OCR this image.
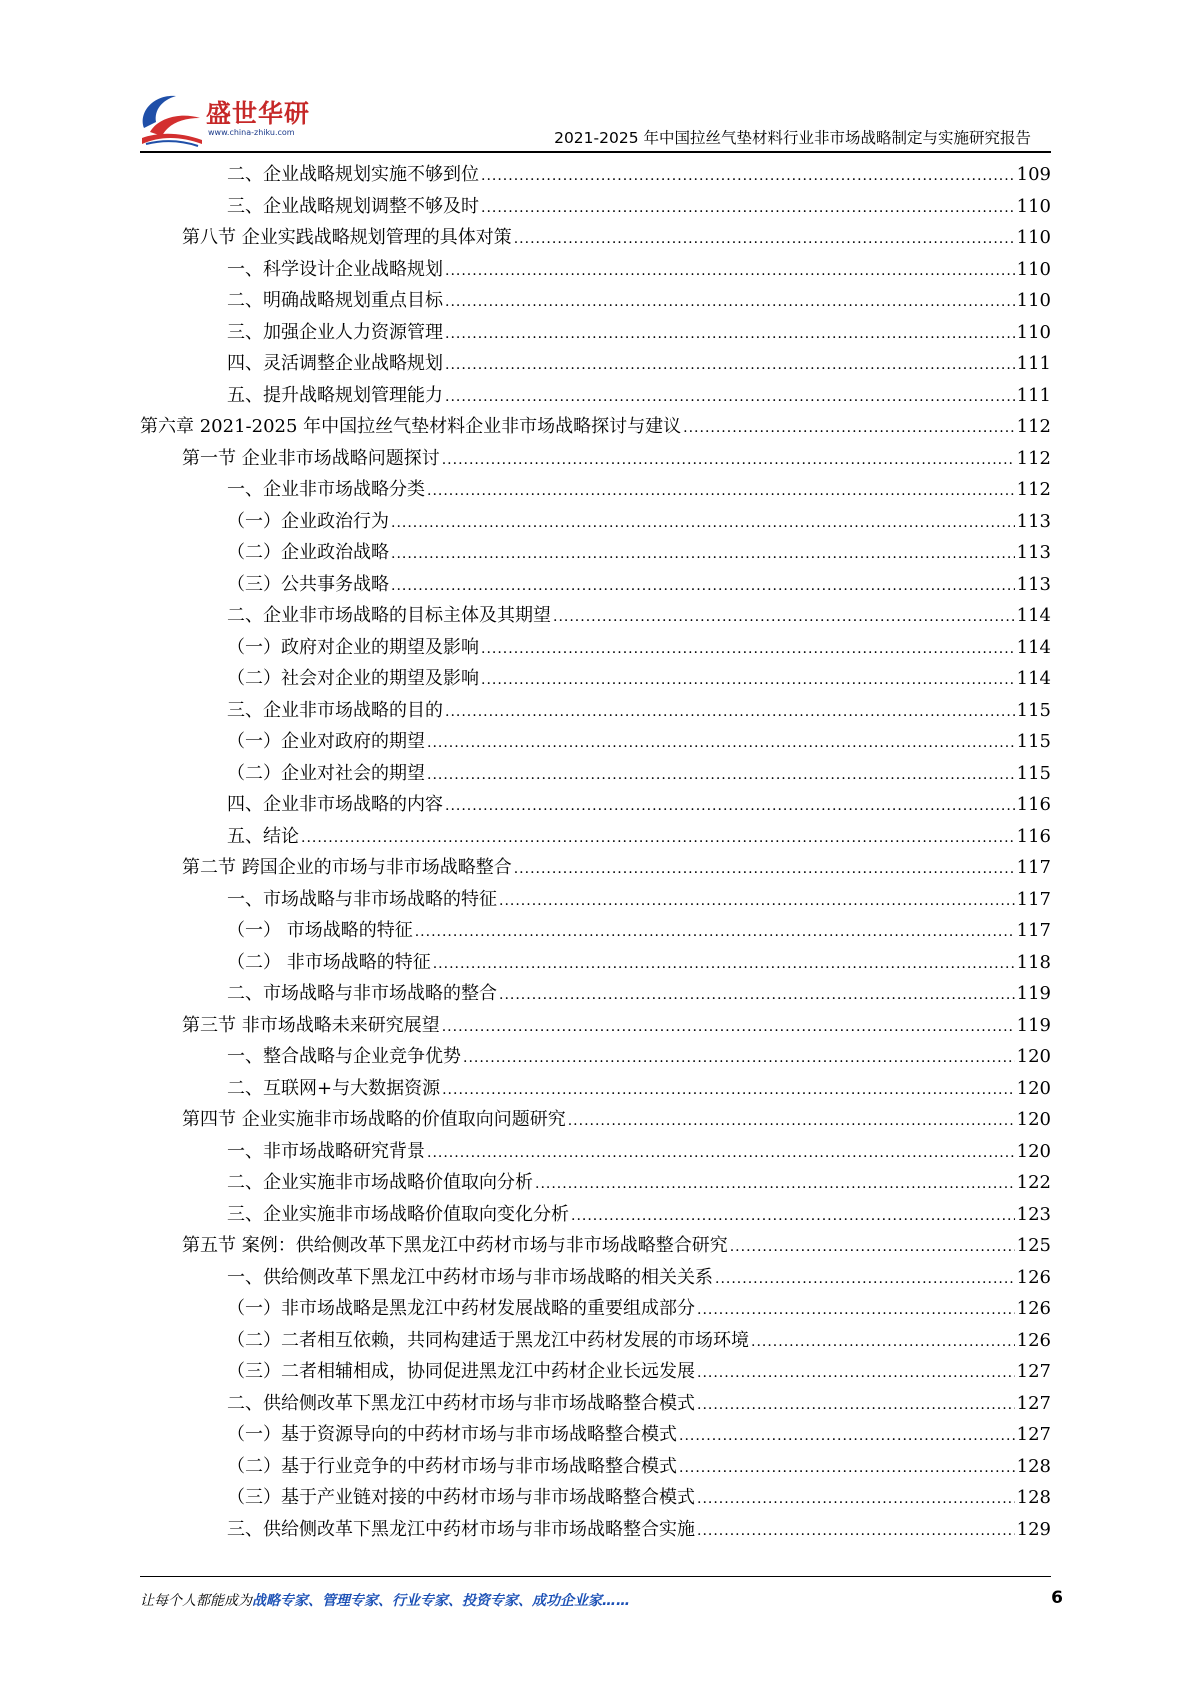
盛世华研
www.china-zhiku.com	2021-2025 年中国拉丝气垫材料行业非市场战略制定与实施研究报告
二、企业战略规划实施不够到位 .....	109
三、企业战略规划调整不够及时 .....	110
第八节 企业实践战略规划管理的具体对策 .....	110
一、科学设计企业战略规划 .....	110
二、明确战略规划重点目标 .....	110
三、加强企业人力资源管理 .....	110
四、灵活调整企业战略规划 .....	111
五、提升战略规划管理能力 .....	111
第六章 2021-2025 年中国拉丝气垫材料企业非市场战略探讨与建议 .....	112
第一节 企业非市场战略问题探讨 .....	112
一、企业非市场战略分类 .....	112
（一）企业政治行为 .....	113
（二）企业政治战略 .....	113
（三）公共事务战略 .....	113
二、企业非市场战略的目标主体及其期望 .....	114
（一）政府对企业的期望及影响 .....	114
（二）社会对企业的期望及影响 .....	114
三、企业非市场战略的目的 .....	115
（一）企业对政府的期望 .....	115
（二）企业对社会的期望 .....	115
四、企业非市场战略的内容 .....	116
五、结论 .....	116
第二节 跨国企业的市场与非市场战略整合 .....	117
一、市场战略与非市场战略的特征 .....	117
（一） 市场战略的特征 .....	117
（二） 非市场战略的特征 .....	118
二、市场战略与非市场战略的整合 .....	119
第三节 非市场战略未来研究展望 .....	119
一、整合战略与企业竞争优势 .....	120
二、互联网+与大数据资源 .....	120
第四节 企业实施非市场战略的价值取向问题研究 .....	120
一、非市场战略研究背景 .....	120
二、企业实施非市场战略价值取向分析 .....	122
三、企业实施非市场战略价值取向变化分析 .....	123
第五节 案例：供给侧改革下黑龙江中药材市场与非市场战略整合研究 .....	125
一、供给侧改革下黑龙江中药材市场与非市场战略的相关关系 .....	126
（一）非市场战略是黑龙江中药材发展战略的重要组成部分 .....	126
（二）二者相互依赖，共同构建适于黑龙江中药材发展的市场环境 .....	126
（三）二者相辅相成，协同促进黑龙江中药材企业长远发展 .....	127
二、供给侧改革下黑龙江中药材市场与非市场战略整合模式 .....	127
（一）基于资源导向的中药材市场与非市场战略整合模式 .....	127
（二）基于行业竞争的中药材市场与非市场战略整合模式 .....	128
（三）基于产业链对接的中药材市场与非市场战略整合模式 .....	128
三、供给侧改革下黑龙江中药材市场与非市场战略整合实施 .....	129
让每个人都能成为战略专家、管理专家、行业专家、投资专家、成功企业家……	6
